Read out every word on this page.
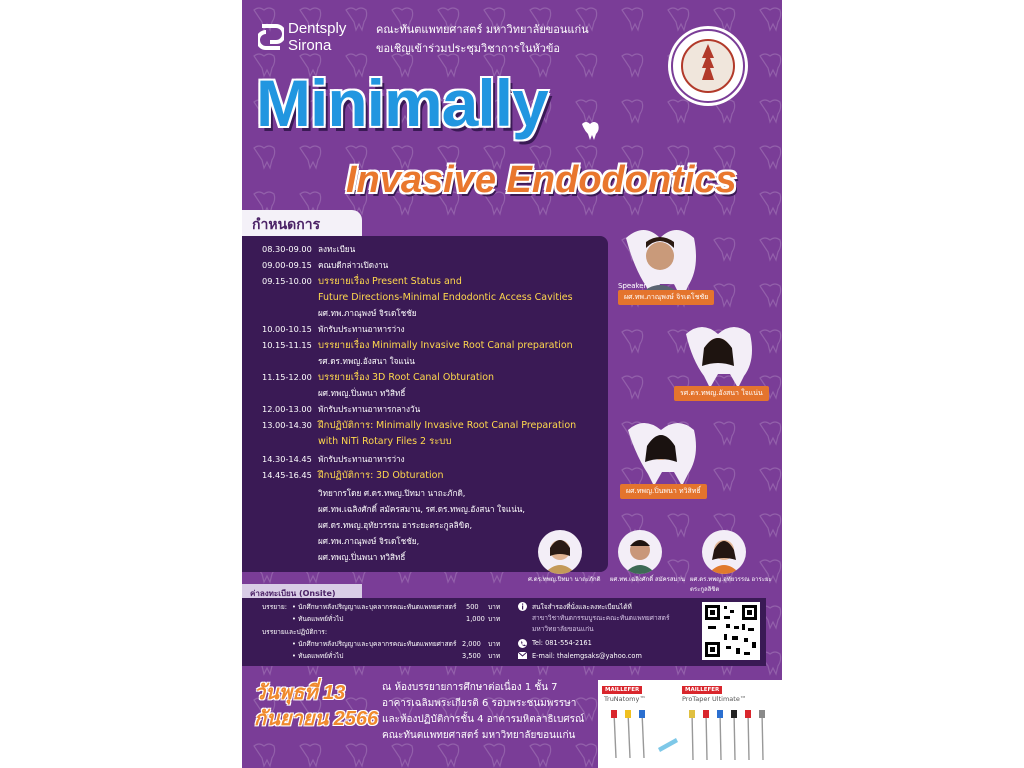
Dentsply
Sirona
คณะทันตแพทยศาสตร์ มหาวิทยาลัยขอนแก่น
ขอเชิญเข้าร่วมประชุมวิชาการในหัวข้อ
Minimally
Invasive Endodontics
กำหนดการ
08.30-09.00 ลงทะเบียน
09.00-09.15 คณบดีกล่าวเปิดงาน
09.15-10.00 บรรยายเรื่อง Present Status and
Future Directions-Minimal Endodontic Access Cavities
ผศ.ทพ.ภาณุพงษ์ จิรเดโชชัย
10.00-10.15 พักรับประทานอาหารว่าง
10.15-11.15 บรรยายเรื่อง Minimally Invasive Root Canal preparation
รศ.ดร.ทพญ.อังสนา ใจแน่น
11.15-12.00 บรรยายเรื่อง 3D Root Canal Obturation
ผศ.ทพญ.ปิ่นพนา ทวิสิทธิ์
12.00-13.00 พักรับประทานอาหารกลางวัน
13.00-14.30 ฝึกปฏิบัติการ: Minimally Invasive Root Canal Preparation
with NiTi Rotary Files 2 ระบบ
14.30-14.45 พักรับประทานอาหารว่าง
14.45-16.45 ฝึกปฏิบัติการ: 3D Obturation
วิทยากรโดย ศ.ดร.ทพญ.ปิทมา นาถะภักดิ,
ผศ.ทพ.เฉลิงศักดิ์ สมัครสมาน, รศ.ดร.ทพญ.อังสนา ใจแน่น,
ผศ.ดร.ทพญ.อุทัยวรรณ อาระยะตระกูลลิขิต,
ผศ.ทพ.ภาณุพงษ์ จิรเดโชชัย,
ผศ.ทพญ.ปิ่นพนา ทวิสิทธิ์
Speaker
ผศ.ทพ.ภาณุพงษ์ จิรเดโชชัย
รศ.ดร.ทพญ.อังสนา ใจแน่น
ผศ.ทพญ.ปิ่นพนา ทวิสิทธิ์
ศ.ดร.ทพญ.ปิทมา นาถะภักดิ ผศ.ทพ.เฉลิงศักดิ์ สมัครสมาน ผศ.ดร.ทพญ.อุทัยวรรณ อาระยะตระกูลลิขิต
ค่าลงทะเบียน (Onsite)
บรรยาย: • นักศึกษาหลังปริญญาและบุคลากรคณะทันตแพทยศาสตร์ 500 บาท
• ทันตแพทย์ทั่วไป	1,000 บาท
บรรยายและปฏิบัติการ:
• นักศึกษาหลังปริญญาและบุคลากรคณะทันตแพทยศาสตร์ 2,000 บาท
• ทันตแพทย์ทั่วไป	3,500 บาท
สนใจสำรองที่นั่งและลงทะเบียนได้ที่
สาขาวิชาทันตกรรมบูรณะคณะทันตแพทยศาสตร์
มหาวิทยาลัยขอนแก่น
Tel: 081-554-2161
E-mail: thalemgsaks@yahoo.com
วันพุธที่ 13
กันยายน 2566
ณ ห้องบรรยายการศึกษาต่อเนื่อง 1 ชั้น 7
อาคารเฉลิมพระเกียรติ 6 รอบพระชนมพรรษา
และห้องปฏิบัติการชั้น 4 อาคารมหิตลาธิเบศรณ์
คณะทันตแพทยศาสตร์ มหาวิทยาลัยขอนแก่น
MAILLEFER
TruNatomy™
MAILLEFER
ProTaper Ultimate™
